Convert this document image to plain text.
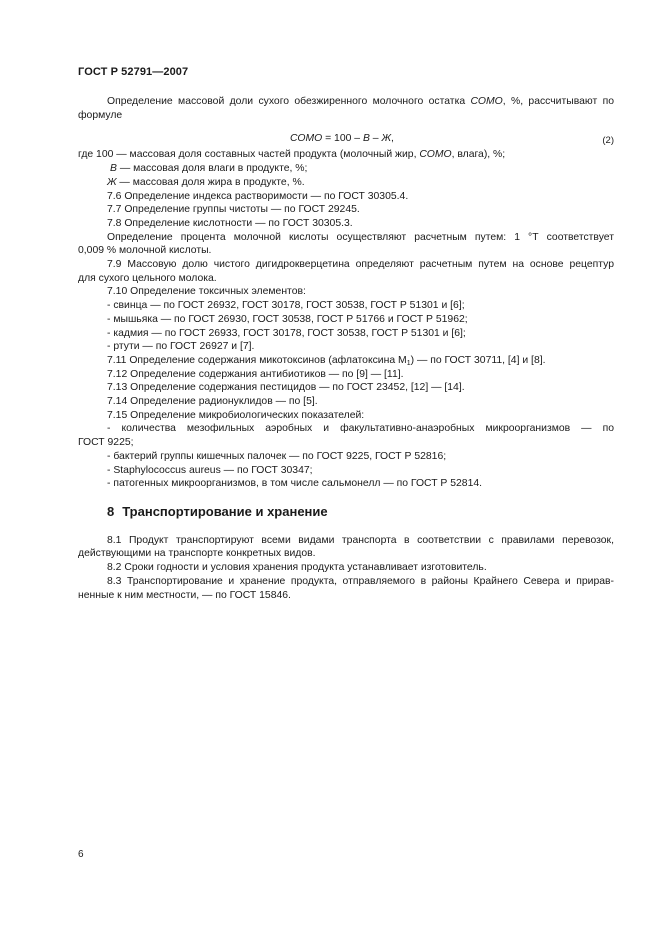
ГОСТ Р 52791—2007

Определение массовой доли сухого обезжиренного молочного остатка СОМО, %, рассчитывают по

формуле

СОМО = 100 – В – Ж,	(2)

где 100 — массовая доля составных частей продукта (молочный жир, СОМО, влага), %;

В — массовая доля влаги в продукте, %;

Ж — массовая доля жира в продукте, %.

7.6 Определение индекса растворимости — по ГОСТ 30305.4.

7.7 Определение группы чистоты — по ГОСТ 29245.

7.8 Определение кислотности — по ГОСТ 30305.3.

Определение процента молочной кислоты осуществляют расчетным путем: 1 °Т соответствует

0,009 % молочной кислоты.

7.9 Массовую долю чистого дигидрокверцетина определяют расчетным путем на основе рецептур

для сухого цельного молока.

7.10 Определение токсичных элементов:

- свинца — по ГОСТ 26932, ГОСТ 30178, ГОСТ 30538, ГОСТ Р 51301 и [6];

- мышьяка — по ГОСТ 26930, ГОСТ 30538, ГОСТ Р 51766 и ГОСТ Р 51962;

- кадмия — по ГОСТ 26933, ГОСТ 30178, ГОСТ 30538, ГОСТ Р 51301 и [6];

- ртути — по ГОСТ 26927 и [7].

7.11 Определение содержания микотоксинов (афлатоксина $М_1$) — по ГОСТ 30711, [4] и [8].

7.12 Определение содержания антибиотиков — по [9] — [11].

7.13 Определение содержания пестицидов — по ГОСТ 23452, [12] — [14].

7.14 Определение радионуклидов — по [5].

7.15 Определение микробиологических показателей:

- количества мезофильных аэробных и факультативно-анаэробных микроорганизмов — по

ГОСТ 9225;

- бактерий группы кишечных палочек — по ГОСТ 9225, ГОСТ Р 52816;

- Staphylococcus aureus — по ГОСТ 30347;

- патогенных микроорганизмов, в том числе сальмонелл — по ГОСТ Р 52814.

8 Транспортирование и хранение

8.1 Продукт транспортируют всеми видами транспорта в соответствии с правилами перевозок,

действующими на транспорте конкретных видов.

8.2 Сроки годности и условия хранения продукта устанавливает изготовитель.

8.3 Транспортирование и хранение продукта, отправляемого в районы Крайнего Севера и прирав-

ненные к ним местности, — по ГОСТ 15846.

6
